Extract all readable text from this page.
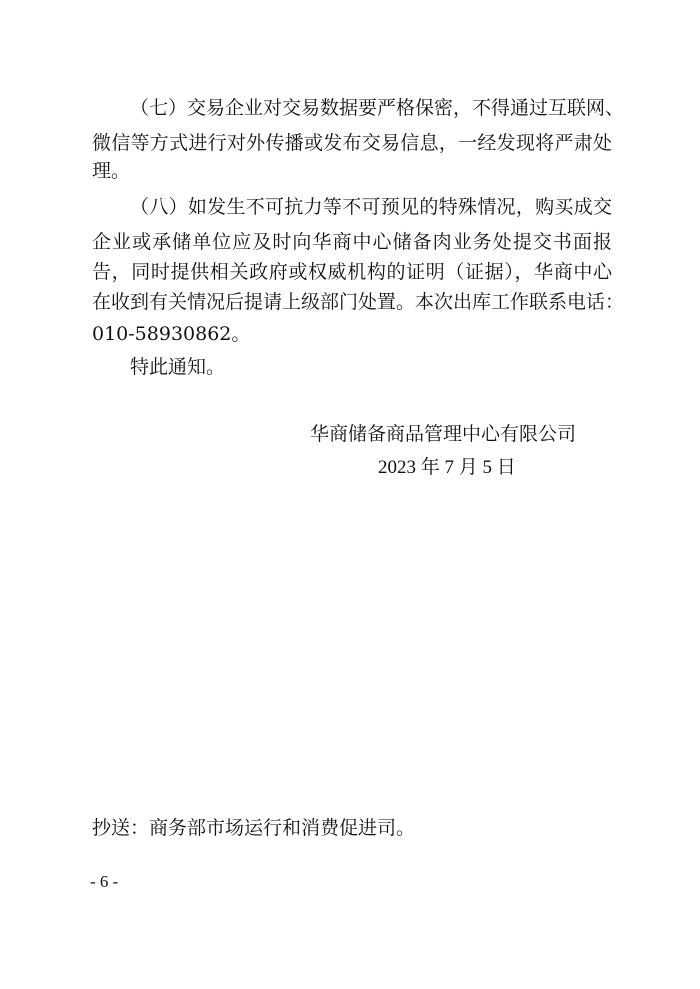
（七）交易企业对交易数据要严格保密，不得通过互联网、
微信等方式进行对外传播或发布交易信息，一经发现将严肃处
理。
（八）如发生不可抗力等不可预见的特殊情况，购买成交
企业或承储单位应及时向华商中心储备肉业务处提交书面报
告，同时提供相关政府或权威机构的证明（证据），华商中心
在收到有关情况后提请上级部门处置。本次出库工作联系电话：
010-58930862。
特此通知。
华商储备商品管理中心有限公司
2023 年 7 月 5 日
抄送：商务部市场运行和消费促进司。
- 6 -
